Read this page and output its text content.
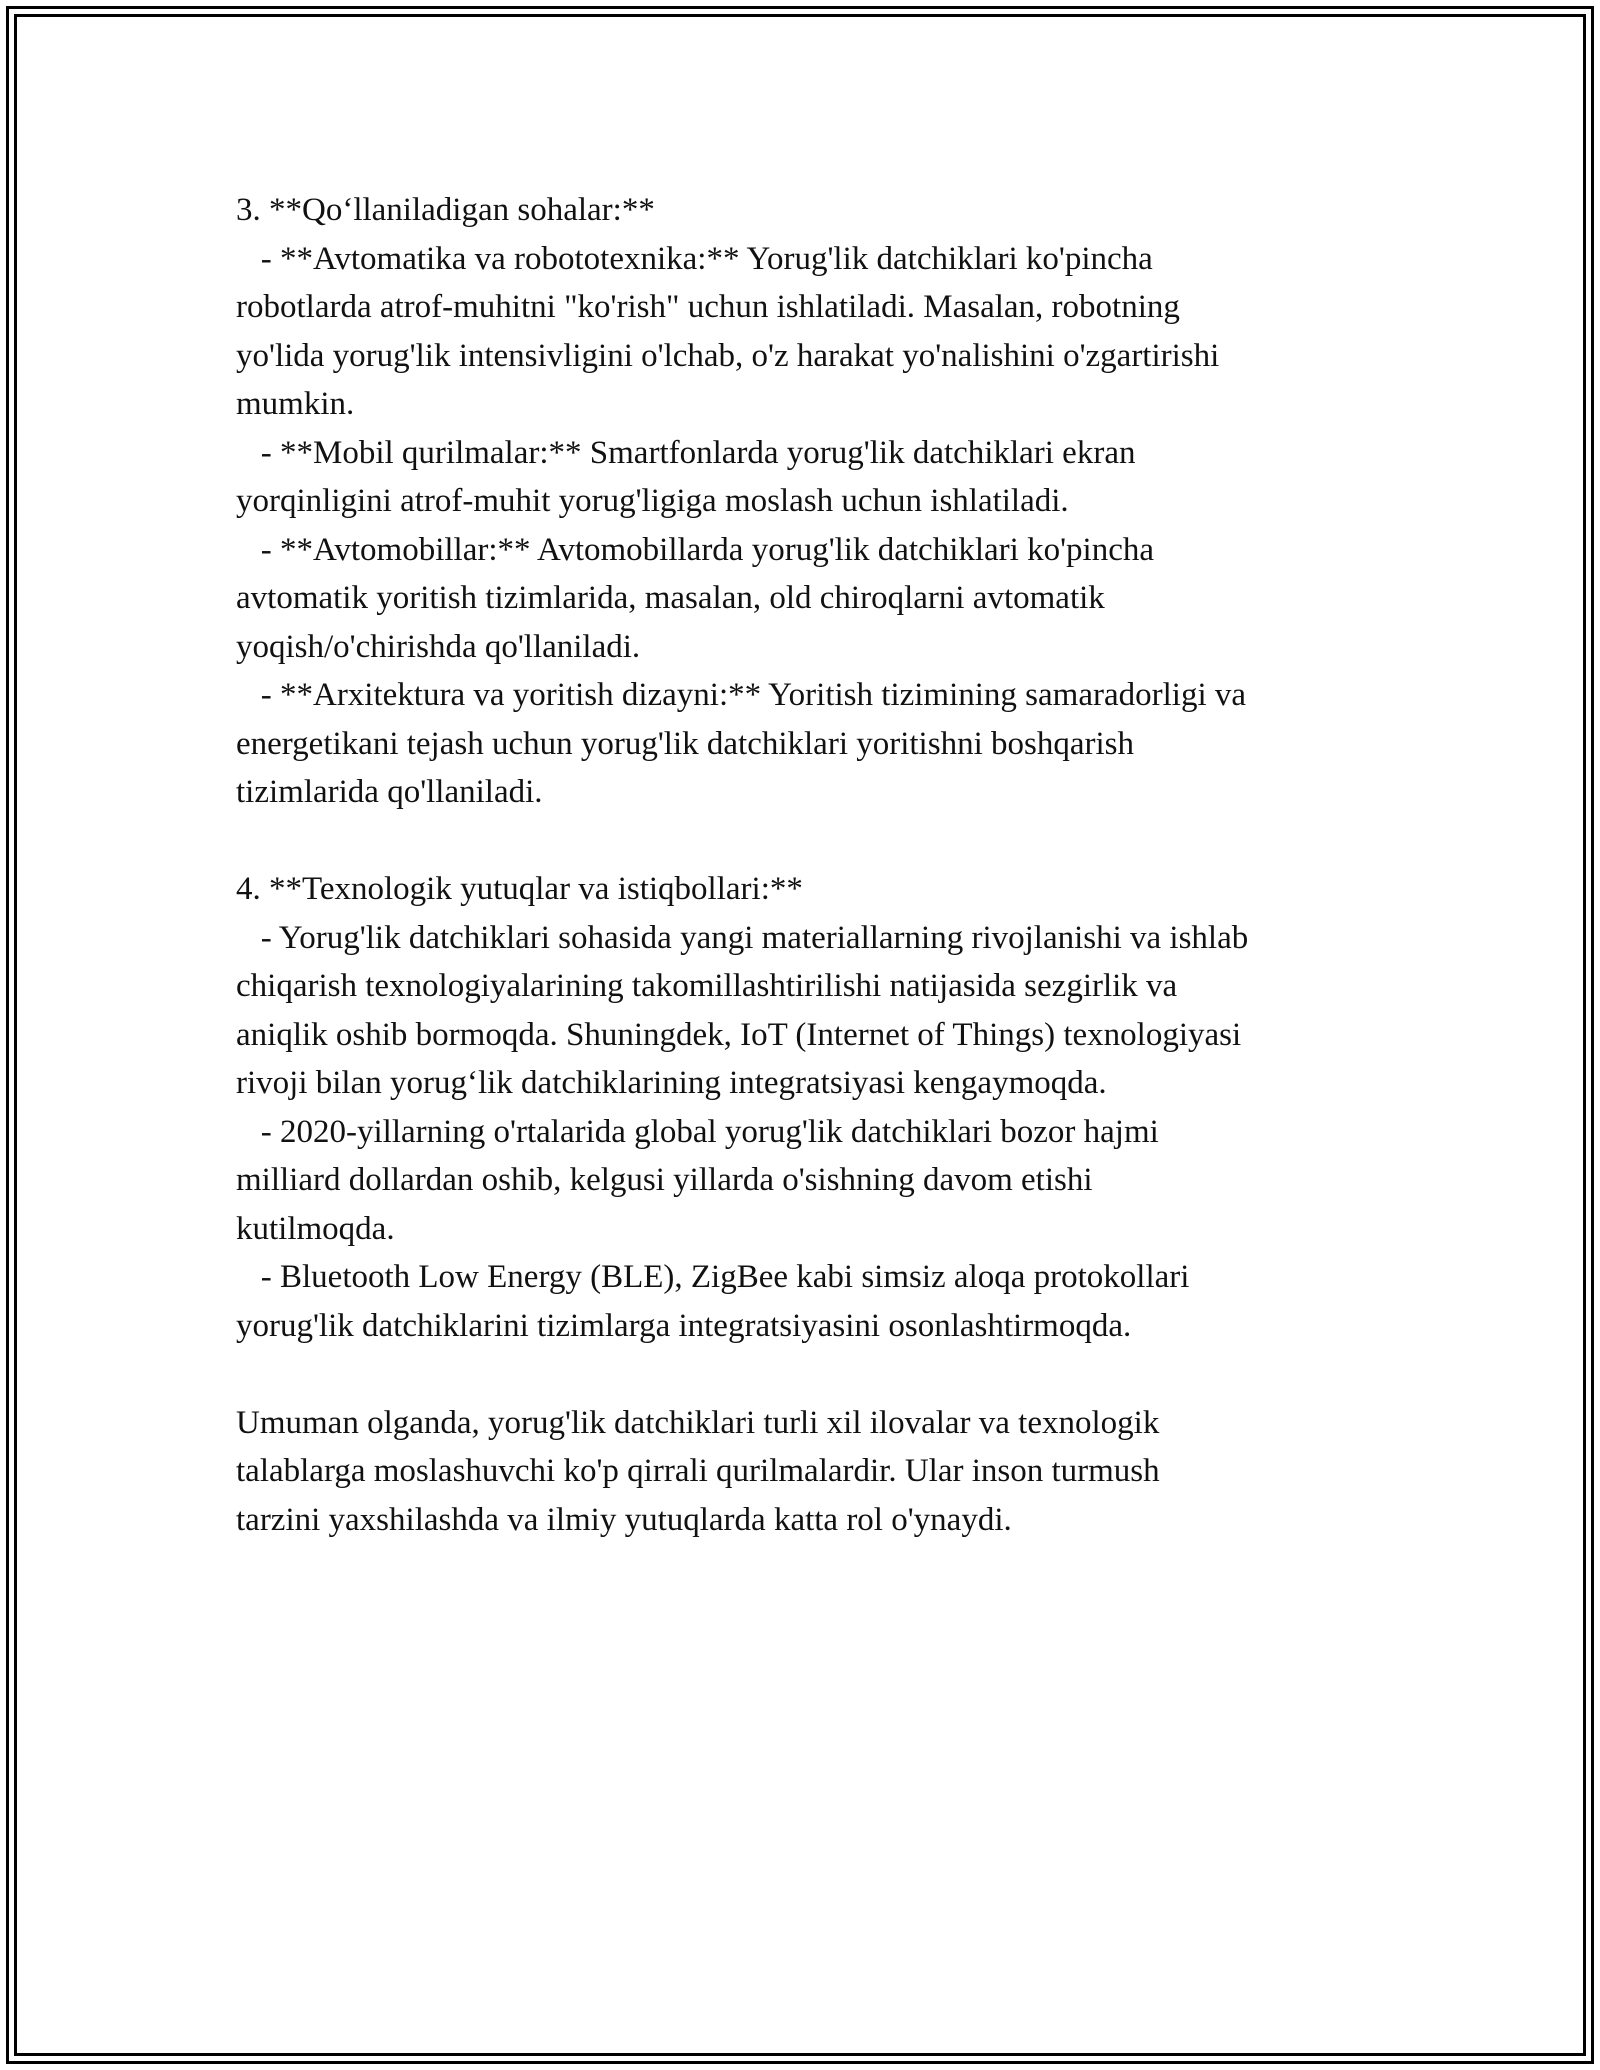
3. **Qo‘llaniladigan sohalar:**
- **Avtomatika va robototexnika:** Yorug'lik datchiklari ko'pincha
robotlarda atrof-muhitni "ko'rish" uchun ishlatiladi. Masalan, robotning
yo'lida yorug'lik intensivligini o'lchab, o'z harakat yo'nalishini o'zgartirishi
mumkin.
- **Mobil qurilmalar:** Smartfonlarda yorug'lik datchiklari ekran
yorqinligini atrof-muhit yorug'ligiga moslash uchun ishlatiladi.
- **Avtomobillar:** Avtomobillarda yorug'lik datchiklari ko'pincha
avtomatik yoritish tizimlarida, masalan, old chiroqlarni avtomatik
yoqish/o'chirishda qo'llaniladi.
- **Arxitektura va yoritish dizayni:** Yoritish tizimining samaradorligi va
energetikani tejash uchun yorug'lik datchiklari yoritishni boshqarish
tizimlarida qo'llaniladi.
4. **Texnologik yutuqlar va istiqbollari:**
- Yorug'lik datchiklari sohasida yangi materiallarning rivojlanishi va ishlab
chiqarish texnologiyalarining takomillashtirilishi natijasida sezgirlik va
aniqlik oshib bormoqda. Shuningdek, IoT (Internet of Things) texnologiyasi
rivoji bilan yorug‘lik datchiklarining integratsiyasi kengaymoqda.
- 2020-yillarning o'rtalarida global yorug'lik datchiklari bozor hajmi
milliard dollardan oshib, kelgusi yillarda o'sishning davom etishi
kutilmoqda.
- Bluetooth Low Energy (BLE), ZigBee kabi simsiz aloqa protokollari
yorug'lik datchiklarini tizimlarga integratsiyasini osonlashtirmoqda.
Umuman olganda, yorug'lik datchiklari turli xil ilovalar va texnologik
talablarga moslashuvchi ko'p qirrali qurilmalardir. Ular inson turmush
tarzini yaxshilashda va ilmiy yutuqlarda katta rol o'ynaydi.
